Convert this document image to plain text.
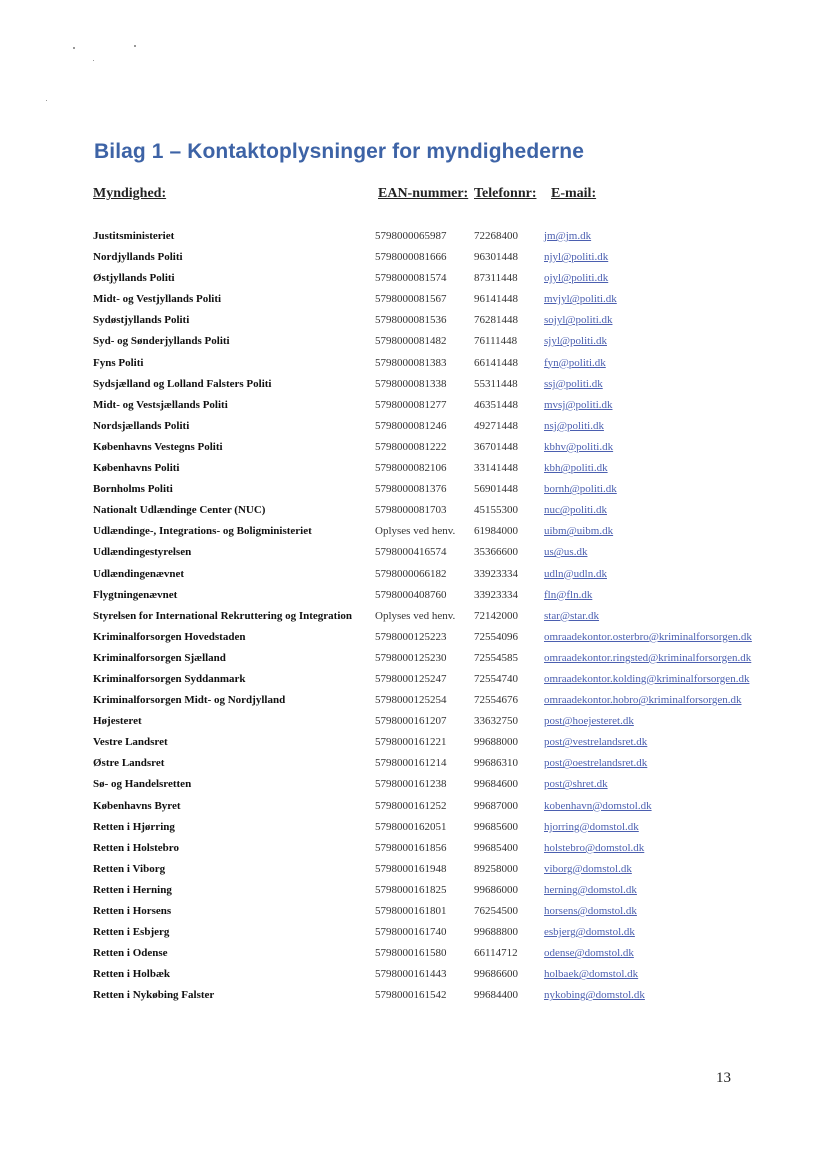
Bilag 1 – Kontaktoplysninger for myndighederne
Myndighed:	EAN-nummer: Telefonnr: E-mail:
Justitsministeriet	5798000065987	72268400 jm@jm.dk
Nordjyllands Politi	5798000081666	96301448 njyl@politi.dk
Østjyllands Politi	5798000081574	87311448 ojyl@politi.dk
Midt- og Vestjyllands Politi	5798000081567	96141448 mvjyl@politi.dk
Sydøstjyllands Politi	5798000081536	76281448 sojyl@politi.dk
Syd- og Sønderjyllands Politi	5798000081482	76111448 sjyl@politi.dk
Fyns Politi	5798000081383	66141448 fyn@politi.dk
Sydsjælland og Lolland Falsters Politi	5798000081338	55311448 ssj@politi.dk
Midt- og Vestsjællands Politi	5798000081277	46351448 mvsj@politi.dk
Nordsjællands Politi	5798000081246	49271448 nsj@politi.dk
Københavns Vestegns Politi	5798000081222	36701448 kbhv@politi.dk
Københavns Politi	5798000082106	33141448 kbh@politi.dk
Bornholms Politi	5798000081376	56901448 bornh@politi.dk
Nationalt Udlændinge Center (NUC)	5798000081703	45155300 nuc@politi.dk
Udlændinge-, Integrations- og Boligministeriet	Oplyses ved henv. 61984000 uibm@uibm.dk
Udlændingestyrelsen	5798000416574	35366600 us@us.dk
Udlændingenævnet	5798000066182	33923334 udln@udln.dk
Flygtningenævnet	5798000408760	33923334 fln@fln.dk
Styrelsen for International Rekruttering og Integration Oplyses ved henv. 72142000 star@star.dk
Kriminalforsorgen Hovedstaden	5798000125223	72554096 omraadekontor.osterbro@kriminalforsorgen.dk
Kriminalforsorgen Sjælland	5798000125230	72554585 omraadekontor.ringsted@kriminalforsorgen.dk
Kriminalforsorgen Syddanmark	5798000125247	72554740 omraadekontor.kolding@kriminalforsorgen.dk
Kriminalforsorgen Midt- og Nordjylland	5798000125254	72554676 omraadekontor.hobro@kriminalforsorgen.dk
Højesteret	5798000161207	33632750 post@hoejesteret.dk
Vestre Landsret	5798000161221	99688000 post@vestrelandsret.dk
Østre Landsret	5798000161214	99686310 post@oestrelandsret.dk
Sø- og Handelsretten	5798000161238	99684600 post@shret.dk
Københavns Byret	5798000161252	99687000 kobenhavn@domstol.dk
Retten i Hjørring	5798000162051	99685600 hjorring@domstol.dk
Retten i Holstebro	5798000161856	99685400 holstebro@domstol.dk
Retten i Viborg	5798000161948	89258000 viborg@domstol.dk
Retten i Herning	5798000161825	99686000 herning@domstol.dk
Retten i Horsens	5798000161801	76254500 horsens@domstol.dk
Retten i Esbjerg	5798000161740	99688800 esbjerg@domstol.dk
Retten i Odense	5798000161580	66114712 odense@domstol.dk
Retten i Holbæk	5798000161443	99686600 holbaek@domstol.dk
Retten i Nykøbing Falster	5798000161542	99684400 nykobing@domstol.dk
13
